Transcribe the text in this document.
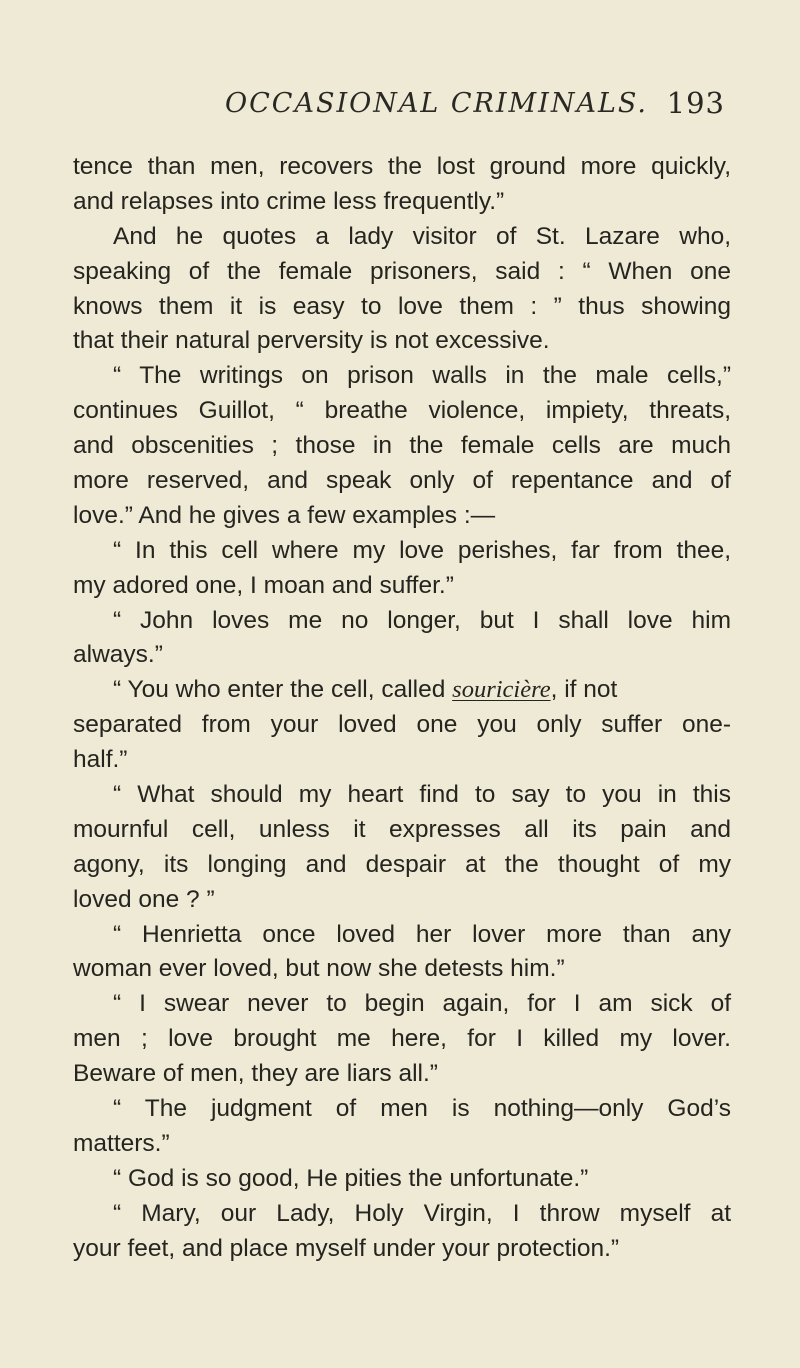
OCCASIONAL CRIMINALS. 193
tence than men, recovers the lost ground more quickly,
and relapses into crime less frequently.”
And he quotes a lady visitor of St. Lazare who,
speaking of the female prisoners, said : “ When one
knows them it is easy to love them : ” thus showing
that their natural perversity is not excessive.
“ The writings on prison walls in the male cells,”
continues Guillot, “ breathe violence, impiety, threats,
and obscenities ; those in the female cells are much
more reserved, and speak only of repentance and of
love.” And he gives a few examples :—
“ In this cell where my love perishes, far from thee,
my adored one, I moan and suffer.”
“ John loves me no longer, but I shall love him
always.”
“ You who enter the cell, called souricière, if not
separated from your loved one you only suffer one-
half.”
“ What should my heart find to say to you in this
mournful cell, unless it expresses all its pain and
agony, its longing and despair at the thought of my
loved one ? ”
“ Henrietta once loved her lover more than any
woman ever loved, but now she detests him.”
“ I swear never to begin again, for I am sick of
men ; love brought me here, for I killed my lover.
Beware of men, they are liars all.”
“ The judgment of men is nothing—only God’s
matters.”
“ God is so good, He pities the unfortunate.”
“ Mary, our Lady, Holy Virgin, I throw myself at
your feet, and place myself under your protection.”
